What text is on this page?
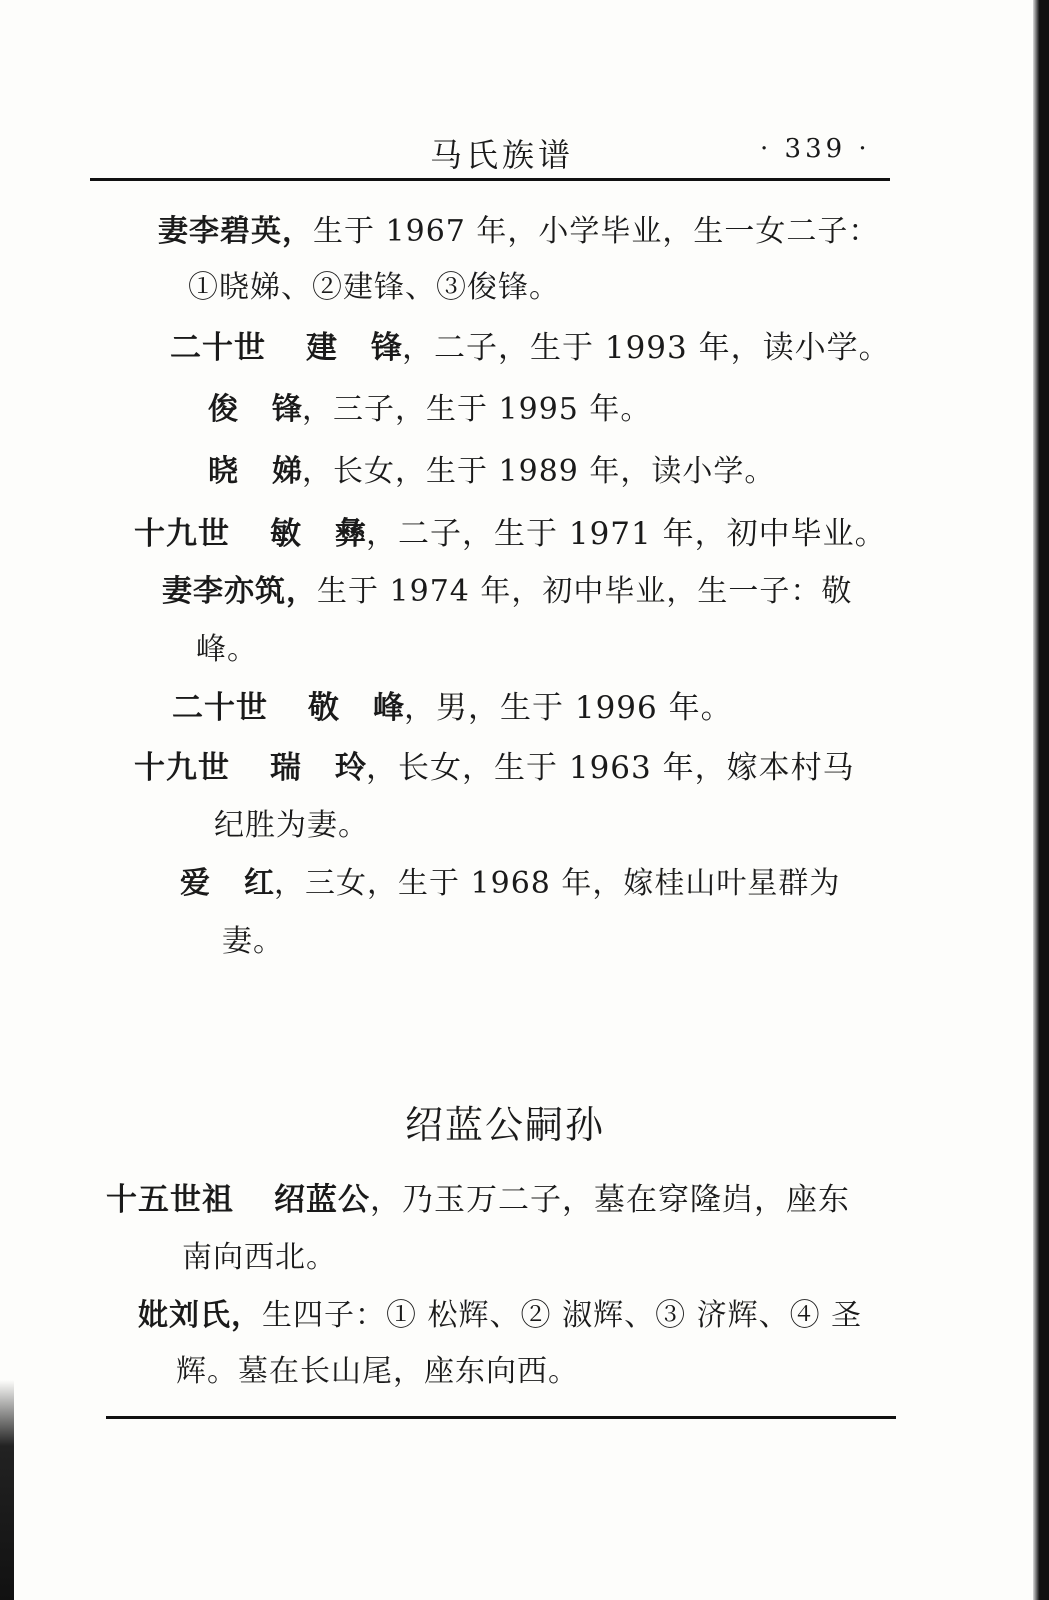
马氏族谱	· 339 ·
妻李碧英，生于 1967 年，小学毕业，生一女二子：
①晓娣、②建锋、③俊锋。
二十世 建锋，二子，生于 1993 年，读小学。
俊锋，三子，生于 1995 年。
晓娣，长女，生于 1989 年，读小学。
十九世 敏彝，二子，生于 1971 年，初中毕业。
妻李亦筑，生于 1974 年，初中毕业，生一子：敬
峰。
二十世 敬峰，男，生于 1996 年。
十九世 瑞玲，长女，生于 1963 年，嫁本村马
纪胜为妻。
爱红，三女，生于 1968 年，嫁桂山叶星群为
妻。
绍蓝公嗣孙
十五世祖 绍蓝公，乃玉万二子，墓在穿隆岿，座东
南向西北。
妣刘氏，生四子：① 松辉、② 淑辉、③ 济辉、④ 圣
辉。墓在长山尾，座东向西。
